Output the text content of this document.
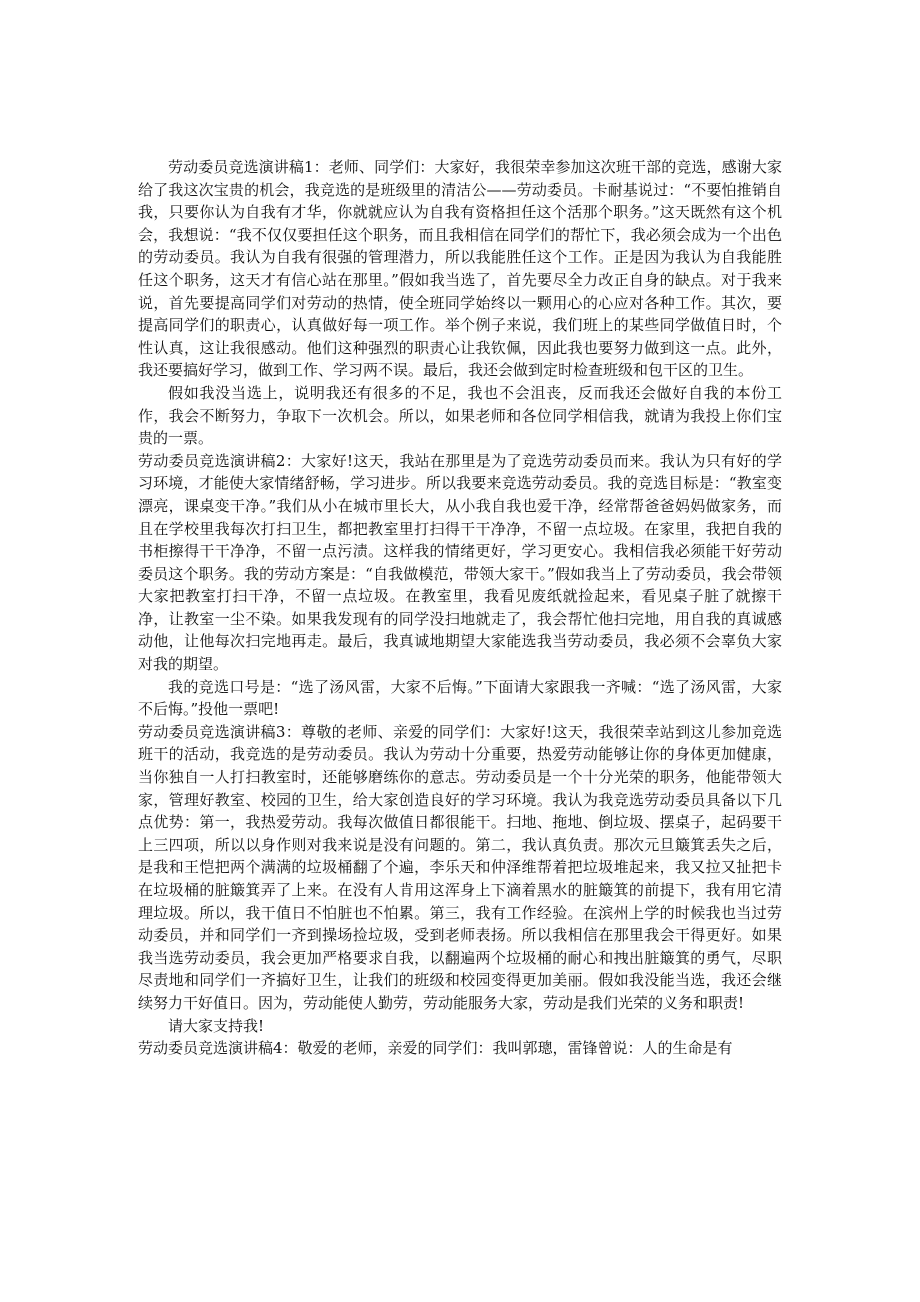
劳动委员竞选演讲稿1：老师、同学们：大家好，我很荣幸参加这次班干部的竞选，感谢大家给了我这次宝贵的机会，我竞选的是班级里的清洁公——劳动委员。卡耐基说过：“不要怕推销自我，只要你认为自我有才华，你就就应认为自我有资格担任这个活那个职务。”这天既然有这个机会，我想说：“我不仅仅要担任这个职务，而且我相信在同学们的帮忙下，我必须会成为一个出色的劳动委员。我认为自我有很强的管理潜力，所以我能胜任这个工作。正是因为我认为自我能胜任这个职务，这天才有信心站在那里。”假如我当选了，首先要尽全力改正自身的缺点。对于我来说，首先要提高同学们对劳动的热情，使全班同学始终以一颗用心的心应对各种工作。其次，要提高同学们的职责心，认真做好每一项工作。举个例子来说，我们班上的某些同学做值日时，个性认真，这让我很感动。他们这种强烈的职责心让我钦佩，因此我也要努力做到这一点。此外，我还要搞好学习，做到工作、学习两不误。最后，我还会做到定时检查班级和包干区的卫生。

假如我没当选上，说明我还有很多的不足，我也不会沮丧，反而我还会做好自我的本份工作，我会不断努力，争取下一次机会。所以，如果老师和各位同学相信我，就请为我投上你们宝贵的一票。

劳动委员竞选演讲稿2：大家好!这天，我站在那里是为了竞选劳动委员而来。我认为只有好的学习环境，才能使大家情绪舒畅，学习进步。所以我要来竞选劳动委员。我的竞选目标是：“教室变漂亮，课桌变干净。”我们从小在城市里长大，从小我自我也爱干净，经常帮爸爸妈妈做家务，而且在学校里我每次打扫卫生，都把教室里打扫得干干净净，不留一点垃圾。在家里，我把自我的书柜擦得干干净净，不留一点污渍。这样我的情绪更好，学习更安心。我相信我必须能干好劳动委员这个职务。我的劳动方案是：“自我做模范，带领大家干。”假如我当上了劳动委员，我会带领大家把教室打扫干净，不留一点垃圾。在教室里，我看见废纸就捡起来，看见桌子脏了就擦干净，让教室一尘不染。如果我发现有的同学没扫地就走了，我会帮忙他扫完地，用自我的真诚感动他，让他每次扫完地再走。最后，我真诚地期望大家能选我当劳动委员，我必须不会辜负大家对我的期望。

我的竞选口号是：“选了汤风雷，大家不后悔。”下面请大家跟我一齐喊：“选了汤风雷，大家不后悔。”投他一票吧!

劳动委员竞选演讲稿3：尊敬的老师、亲爱的同学们：大家好!这天，我很荣幸站到这儿参加竞选班干的活动，我竞选的是劳动委员。我认为劳动十分重要，热爱劳动能够让你的身体更加健康，当你独自一人打扫教室时，还能够磨练你的意志。劳动委员是一个十分光荣的职务，他能带领大家，管理好教室、校园的卫生，给大家创造良好的学习环境。我认为我竞选劳动委员具备以下几点优势：第一，我热爱劳动。我每次做值日都很能干。扫地、拖地、倒垃圾、摆桌子，起码要干上三四项，所以以身作则对我来说是没有问题的。第二，我认真负责。那次元旦簸箕丢失之后，是我和王恺把两个满满的垃圾桶翻了个遍，李乐天和仲泽维帮着把垃圾堆起来，我又拉又扯把卡在垃圾桶的脏簸箕弄了上来。在没有人肯用这浑身上下滴着黑水的脏簸箕的前提下，我有用它清理垃圾。所以，我干值日不怕脏也不怕累。第三，我有工作经验。在滨州上学的时候我也当过劳动委员，并和同学们一齐到操场捡垃圾，受到老师表扬。所以我相信在那里我会干得更好。如果我当选劳动委员，我会更加严格要求自我，以翻遍两个垃圾桶的耐心和拽出脏簸箕的勇气，尽职尽责地和同学们一齐搞好卫生，让我们的班级和校园变得更加美丽。假如我没能当选，我还会继续努力干好值日。因为，劳动能使人勤劳，劳动能服务大家，劳动是我们光荣的义务和职责!

请大家支持我!

劳动委员竞选演讲稿4：敬爱的老师，亲爱的同学们：我叫郭璁，雷锋曾说：人的生命是有
